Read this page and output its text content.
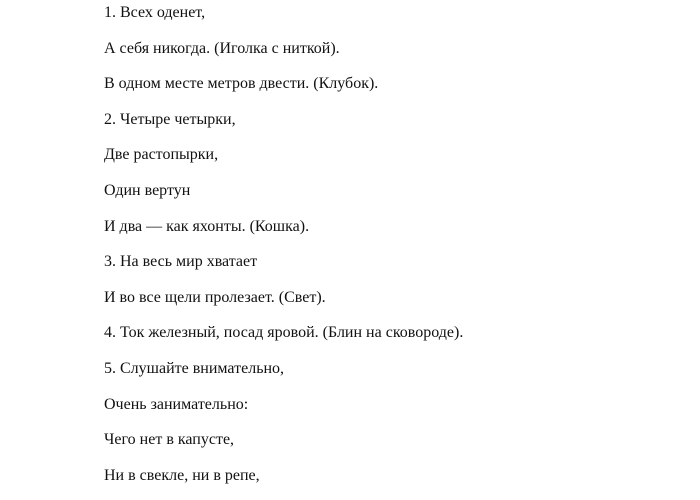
1. Всех оденет,
А себя никогда. (Иголка с ниткой).
В одном месте метров двести. (Клубок).
2. Четыре четырки,
Две растопырки,
Один вертун
И два — как яхонты. (Кошка).
3. На весь мир хватает
И во все щели пролезает. (Свет).
4. Ток железный, посад яровой. (Блин на сковороде).
5. Слушайте внимательно,
Очень занимательно:
Чего нет в капусте,
Ни в свекле, ни в репе,
